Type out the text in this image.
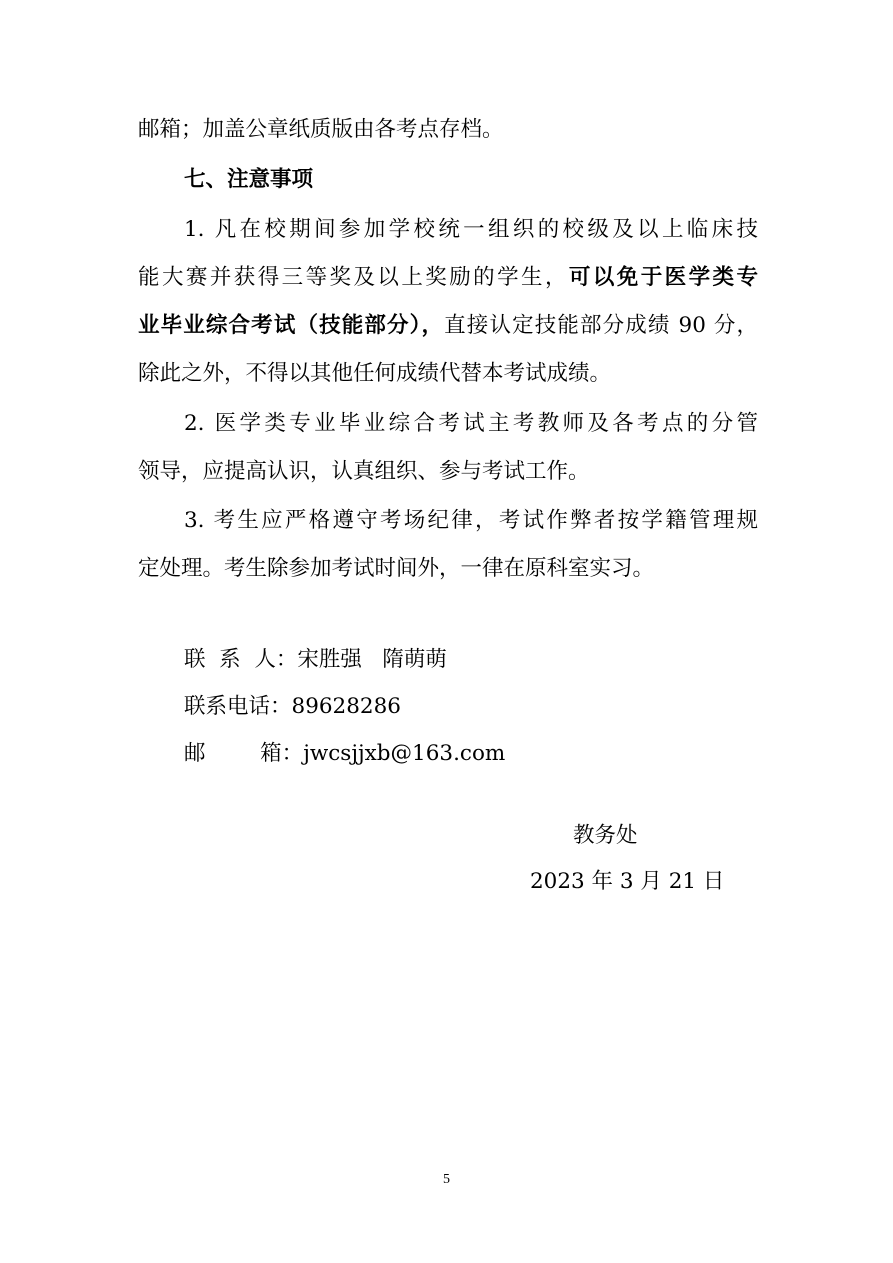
邮箱；加盖公章纸质版由各考点存档。
七、注意事项
1. 凡在校期间参加学校统一组织的校级及以上临床技
能大赛并获得三等奖及以上奖励的学生，可以免于医学类专
业毕业综合考试（技能部分），直接认定技能部分成绩 90 分，
除此之外，不得以其他任何成绩代替本考试成绩。
2. 医学类专业毕业综合考试主考教师及各考点的分管
领导，应提高认识，认真组织、参与考试工作。
3. 考生应严格遵守考场纪律，考试作弊者按学籍管理规
定处理。考生除参加考试时间外，一律在原科室实习。
联  系  人：宋胜强   隋萌萌
联系电话：89628286
邮        箱：jwcsjjxb@163.com
教务处
2023 年 3 月 21 日
5
